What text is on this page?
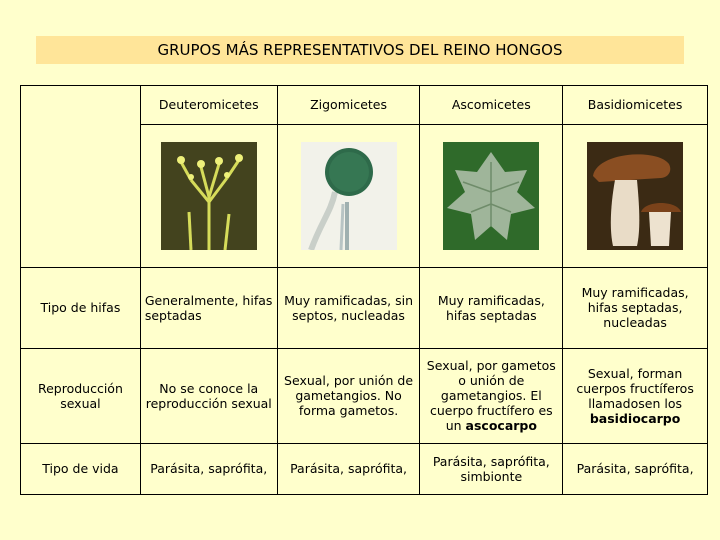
GRUPOS MÁS REPRESENTATIVOS DEL REINO HONGOS
	Deuteromicetes	Zigomicetes	Ascomicetes	Basidiomicetes

Tipo de hifas	Generalmente, hifas septadas	Muy ramificadas, sin septos, nucleadas	Muy ramificadas, hifas septadas	Muy ramificadas, hifas septadas, nucleadas
Reproducción sexual	No se conoce la reproducción sexual	Sexual, por unión de gametangios. No forma gametos.	Sexual, por gametos o unión de gametangios. El cuerpo fructífero es un ascocarpo	Sexual, forman cuerpos fructíferos llamadosen los basidiocarpo
Tipo de vida	Parásita, saprófita,	Parásita, saprófita,	Parásita, saprófita, simbionte	Parásita, saprófita,
